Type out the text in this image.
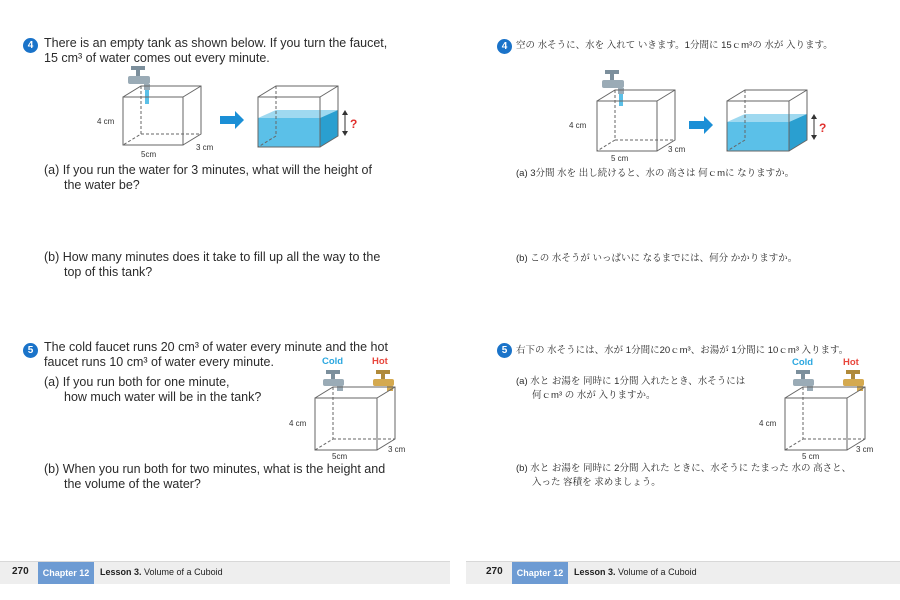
4 There is an empty tank as shown below. If you turn the faucet,
15 cm³ of water comes out every minute.
4 cm
5cm
3 cm
?
(a) If you run the water for 3 minutes, what will the height of
the water be?
(b) How many minutes does it take to fill up all the way to the
top of this tank?
5 The cold faucet runs 20 cm³ of water every minute and the hot
faucet runs 10 cm³ of water every minute.	Cold	Hot
(a) If you run both for one minute,
how much water will be in the tank?
4 cm
5cm
3 cm
(b) When you run both for two minutes, what is the height and
the volume of the water?
270	Chapter 12	Lesson 3. Volume of a Cuboid
4 空の 水そうに、水を 入れて いきます。1分間に 15ｃm³の 水が 入ります。
4 cm
5 cm
3 cm
?
(a) 3分間 水を 出し続けると、水の 高さは 何ｃmに なりますか。
(b) この 水そうが いっぱいに なるまでには、何分 かかりますか。
5 右下の 水そうには、水が 1分間に20ｃm³、お湯が 1分間に 10ｃm³ 入ります。
Cold	Hot
(a) 水と お湯を 同時に 1分間 入れたとき、水そうには
何ｃm³ の 水が 入りますか。
4 cm
5 cm
3 cm
(b) 水と お湯を 同時に 2分間 入れた ときに、水そうに たまった 水の 高さと、
入った 容積を 求めましょう。
270	Chapter 12	Lesson 3. Volume of a Cuboid
